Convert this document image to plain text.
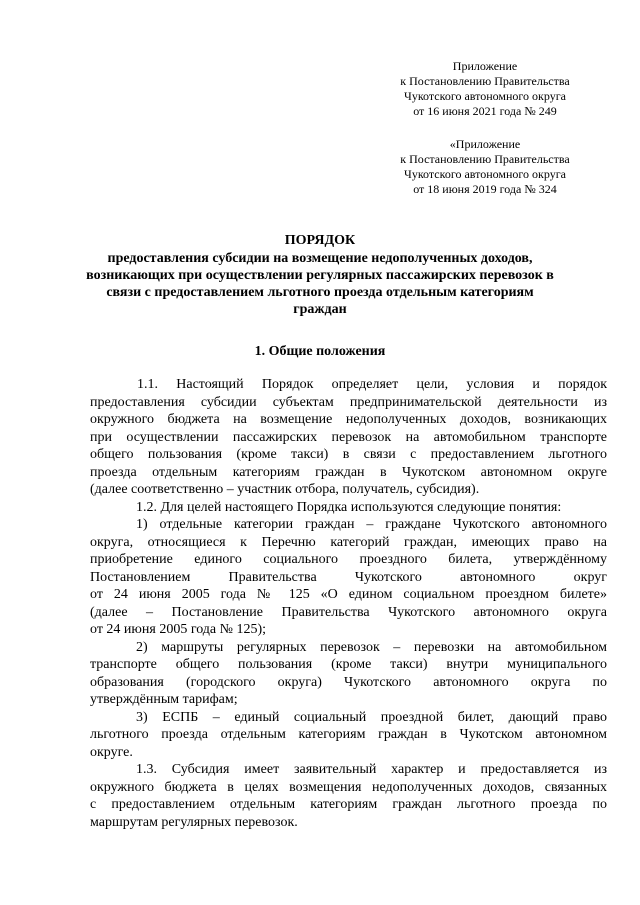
Приложение
к Постановлению Правительства
Чукотского автономного округа
от 16 июня 2021 года № 249
«Приложение
к Постановлению Правительства
Чукотского автономного округа
от 18 июня 2019 года № 324
ПОРЯДОК
предоставления субсидии на возмещение недополученных доходов,
возникающих при осуществлении регулярных пассажирских перевозок в
связи с предоставлением льготного проезда отдельным категориям
граждан
1. Общие положения

1.1. Настоящий Порядок определяет цели, условия и порядок

предоставления субсидии субъектам предпринимательской деятельности из

окружного бюджета на возмещение недополученных доходов, возникающих

при осуществлении пассажирских перевозок на автомобильном транспорте

общего пользования (кроме такси) в связи с предоставлением льготного

проезда отдельным категориям граждан в Чукотском автономном округе

(далее соответственно – участник отбора, получатель, субсидия).

1.2. Для целей настоящего Порядка используются следующие понятия:

1) отдельные категории граждан – граждане Чукотского автономного

округа, относящиеся к Перечню категорий граждан, имеющих право на

приобретение единого социального проездного билета, утверждённому

Постановлением Правительства Чукотского автономного округ

от 24 июня 2005 года № 125 «О едином социальном проездном билете»

(далее – Постановление Правительства Чукотского автономного округа

от 24 июня 2005 года № 125);

2) маршруты регулярных перевозок – перевозки на автомобильном

транспорте общего пользования (кроме такси) внутри муниципального

образования (городского округа) Чукотского автономного округа по

утверждённым тарифам;

3) ЕСПБ – единый социальный проездной билет, дающий право

льготного проезда отдельным категориям граждан в Чукотском автономном

округе.

1.3. Субсидия имеет заявительный характер и предоставляется из

окружного бюджета в целях возмещения недополученных доходов, связанных

с предоставлением отдельным категориям граждан льготного проезда по

маршрутам регулярных перевозок.
